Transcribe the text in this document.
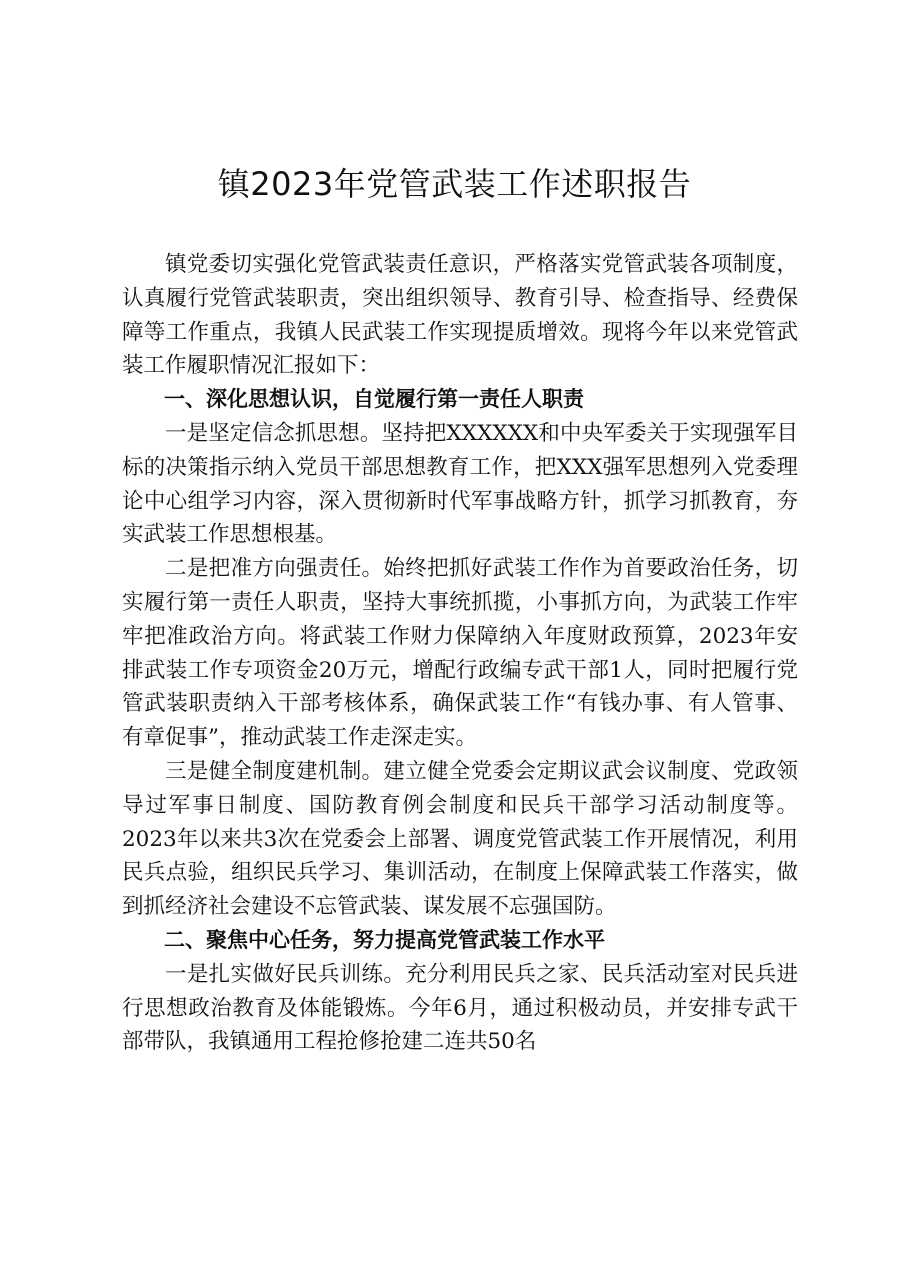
镇2023年党管武装工作述职报告

镇党委切实强化党管武装责任意识，严格落实党管武装各项制度，认真履行党管武装职责，突出组织领导、教育引导、检查指导、经费保障等工作重点，我镇人民武装工作实现提质增效。现将今年以来党管武装工作履职情况汇报如下：

一、深化思想认识，自觉履行第一责任人职责

一是坚定信念抓思想。坚持把XXXXXX和中央军委关于实现强军目标的决策指示纳入党员干部思想教育工作，把XXX强军思想列入党委理论中心组学习内容，深入贯彻新时代军事战略方针，抓学习抓教育，夯实武装工作思想根基。

二是把准方向强责任。始终把抓好武装工作作为首要政治任务，切实履行第一责任人职责，坚持大事统抓揽，小事抓方向，为武装工作牢牢把准政治方向。将武装工作财力保障纳入年度财政预算，2023年安排武装工作专项资金20万元，增配行政编专武干部1人，同时把履行党管武装职责纳入干部考核体系，确保武装工作“有钱办事、有人管事、有章促事”，推动武装工作走深走实。

三是健全制度建机制。建立健全党委会定期议武会议制度、党政领导过军事日制度、国防教育例会制度和民兵干部学习活动制度等。2023年以来共3次在党委会上部署、调度党管武装工作开展情况，利用民兵点验，组织民兵学习、集训活动，在制度上保障武装工作落实，做到抓经济社会建设不忘管武装、谋发展不忘强国防。

二、聚焦中心任务，努力提高党管武装工作水平

一是扎实做好民兵训练。充分利用民兵之家、民兵活动室对民兵进行思想政治教育及体能锻炼。今年6月，通过积极动员，并安排专武干部带队，我镇通用工程抢修抢建二连共50名
